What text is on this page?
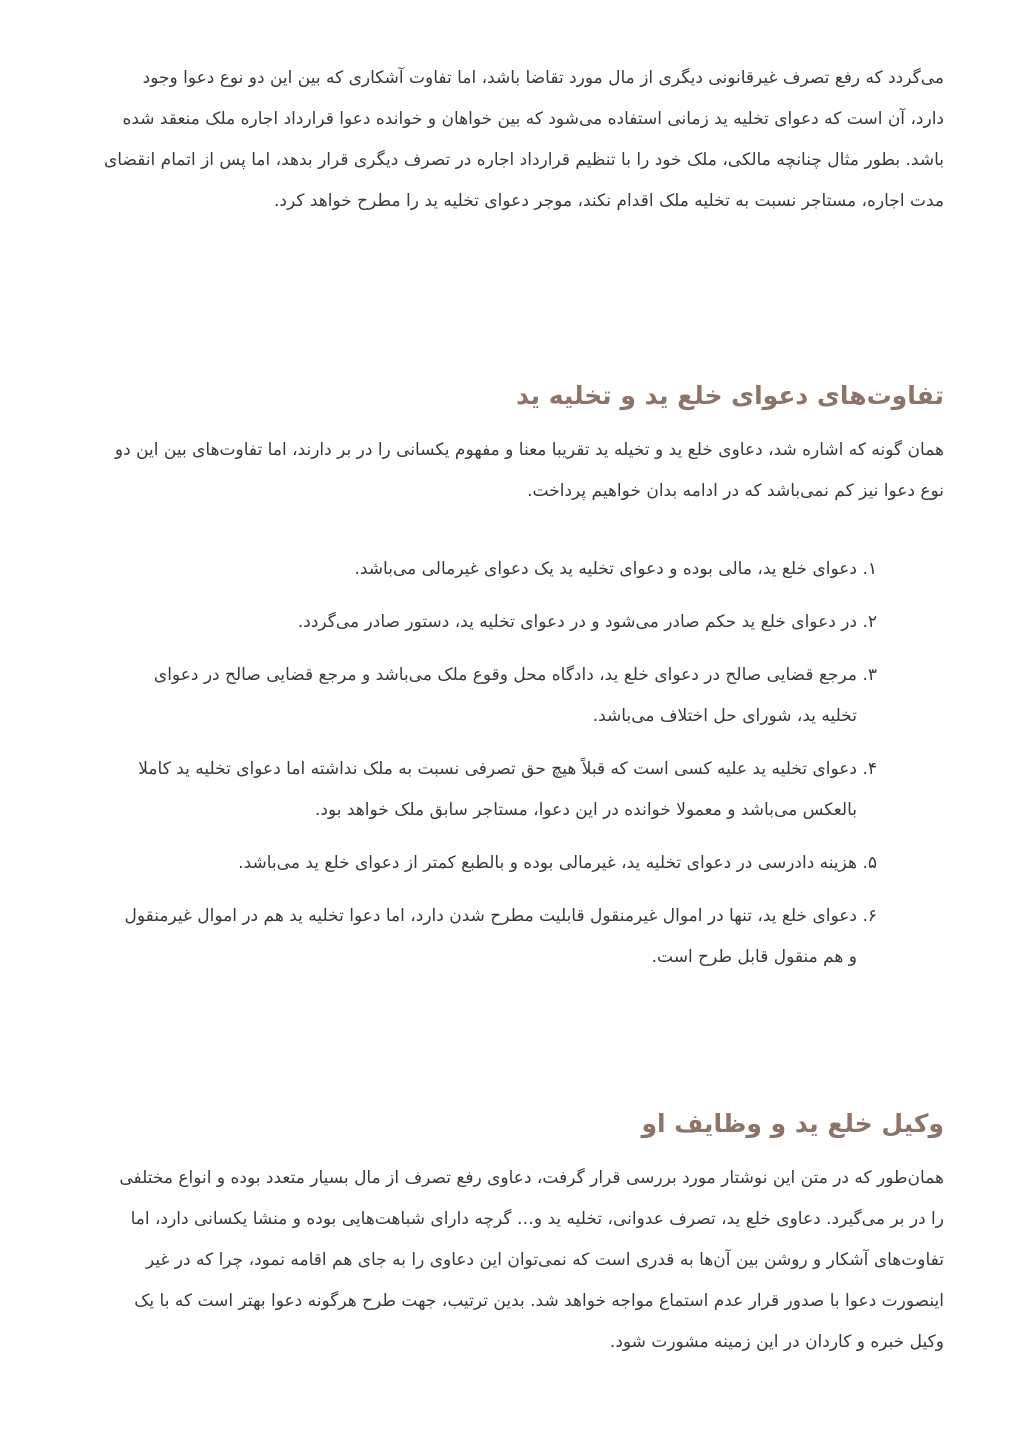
می‌گردد که رفع تصرف غیرقانونی دیگری از مال مورد تقاضا باشد، اما تفاوت آشکاری که بین این دو نوع دعوا وجود دارد، آن است که دعوای تخلیه ید زمانی استفاده می‌شود که بین خواهان و خوانده دعوا قرارداد اجاره ملک منعقد شده باشد. بطور مثال چنانچه مالکی، ملک خود را با تنظیم قرارداد اجاره در تصرف دیگری قرار بدهد، اما پس از اتمام انقضای مدت اجاره، مستاجر نسبت به تخلیه ملک اقدام نکند، موجر دعوای تخلیه ید را مطرح خواهد کرد.

تفاوت‌های دعوای خلع ید و تخلیه ید

همان گونه که اشاره شد، دعاوی خلع ید و تخیله ید تقریبا معنا و مفهوم یکسانی را در بر دارند، اما تفاوت‌های بین این دو نوع دعوا نیز کم نمی‌باشد که در ادامه بدان خواهیم پرداخت.

۱.
دعوای خلع ید، مالی بوده و دعوای تخلیه ید یک دعوای غیرمالی می‌باشد.
۲.
در دعوای خلع ید حکم صادر می‌شود و در دعوای تخلیه ید، دستور صادر می‌گردد.
۳.
مرجع قضایی صالح در دعوای خلع ید، دادگاه محل وقوع ملک می‌باشد و مرجع قضایی صالح در دعوای تخلیه ید، شورای حل اختلاف می‌باشد.
۴.
دعوای تخلیه ید علیه کسی است که قبلاً هیچ حق تصرفی نسبت به ملک نداشته اما دعوای تخلیه ید کاملا بالعکس می‌باشد و معمولا خوانده در این دعوا، مستاجر سابق ملک خواهد بود.
۵.
هزینه دادرسی در دعوای تخلیه ید، غیرمالی بوده و بالطبع کمتر از دعوای خلع ید می‌باشد.
۶.
دعوای خلع ید، تنها در اموال غیرمنقول قابلیت مطرح شدن دارد، اما دعوا تخلیه ید هم در اموال غیرمنقول و هم منقول قابل طرح است.
وکیل خلع ید و وظایف او

همان‌طور که در متن این نوشتار مورد بررسی قرار گرفت، دعاوی رفع تصرف از مال بسیار متعدد بوده و انواع مختلفی را در بر می‌گیرد. دعاوی خلع ید، تصرف عدوانی، تخلیه ید و… گرچه دارای شباهت‌هایی بوده و منشا یکسانی دارد، اما تفاوت‌های آشکار و روشن بین آن‌ها به قدری است که نمی‌توان این دعاوی را به جای هم اقامه نمود، چرا که در غیر اینصورت دعوا با صدور قرار عدم استماع مواجه خواهد شد. بدین ترتیب، جهت طرح هرگونه دعوا بهتر است که با یک وکیل خبره و کاردان در این زمینه مشورت شود.
